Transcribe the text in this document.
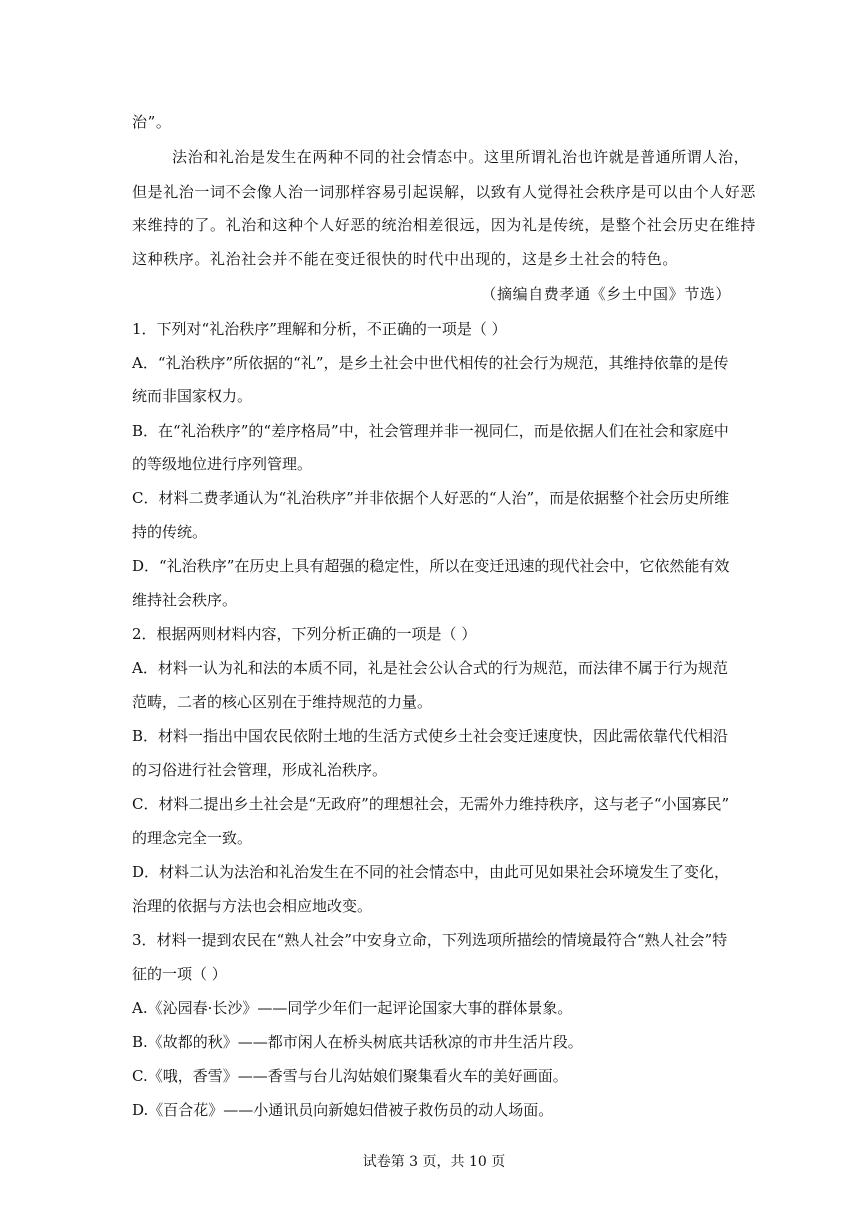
治”。
法治和礼治是发生在两种不同的社会情态中。这里所谓礼治也许就是普通所谓人治，
但是礼治一词不会像人治一词那样容易引起误解，以致有人觉得社会秩序是可以由个人好恶
来维持的了。礼治和这种个人好恶的统治相差很远，因为礼是传统，是整个社会历史在维持
这种秩序。礼治社会并不能在变迁很快的时代中出现的，这是乡土社会的特色。
（摘编自费孝通《乡土中国》节选）
1．下列对“礼治秩序”理解和分析，不正确的一项是（ ）
A．“礼治秩序”所依据的“礼”，是乡土社会中世代相传的社会行为规范，其维持依靠的是传
统而非国家权力。
B．在“礼治秩序”的“差序格局”中，社会管理并非一视同仁，而是依据人们在社会和家庭中
的等级地位进行序列管理。
C．材料二费孝通认为“礼治秩序”并非依据个人好恶的“人治”，而是依据整个社会历史所维
持的传统。
D．“礼治秩序”在历史上具有超强的稳定性，所以在变迁迅速的现代社会中，它依然能有效
维持社会秩序。
2．根据两则材料内容，下列分析正确的一项是（ ）
A．材料一认为礼和法的本质不同，礼是社会公认合式的行为规范，而法律不属于行为规范
范畴，二者的核心区别在于维持规范的力量。
B．材料一指出中国农民依附土地的生活方式使乡土社会变迁速度快，因此需依靠代代相沿
的习俗进行社会管理，形成礼治秩序。
C．材料二提出乡土社会是“无政府”的理想社会，无需外力维持秩序，这与老子“小国寡民”
的理念完全一致。
D．材料二认为法治和礼治发生在不同的社会情态中，由此可见如果社会环境发生了变化，
治理的依据与方法也会相应地改变。
3．材料一提到农民在“熟人社会”中安身立命，下列选项所描绘的情境最符合“熟人社会”特
征的一项（ ）
A.《沁园春·长沙》——同学少年们一起评论国家大事的群体景象。
B.《故都的秋》——都市闲人在桥头树底共话秋凉的市井生活片段。
C.《哦，香雪》——香雪与台儿沟姑娘们聚集看火车的美好画面。
D.《百合花》——小通讯员向新媳妇借被子救伤员的动人场面。
试卷第 3 页，共 10 页
